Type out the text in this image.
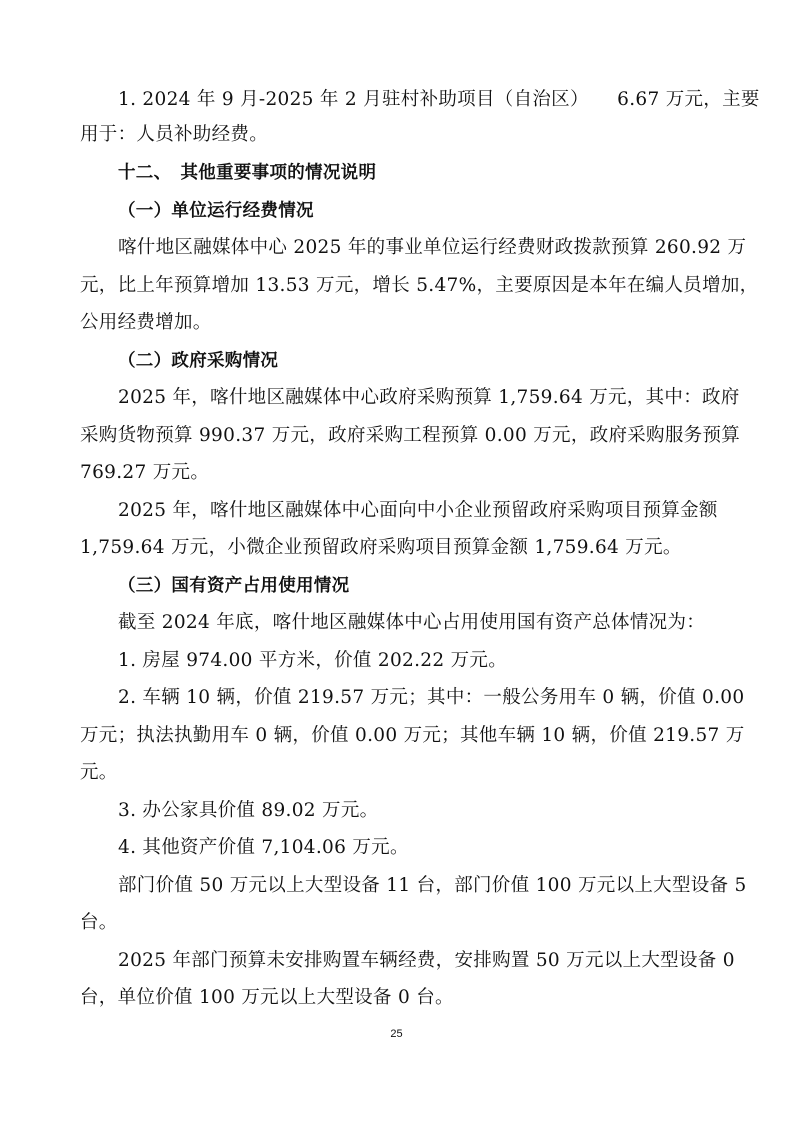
1. 2024 年 9 月-2025 年 2 月驻村补助项目（自治区）　　6.67 万元，主要
用于：人员补助经费。
十二、　其他重要事项的情况说明
（一）单位运行经费情况
喀什地区融媒体中心 2025 年的事业单位运行经费财政拨款预算 260.92 万
元，比上年预算增加 13.53 万元，增长 5.47%，主要原因是本年在编人员增加，
公用经费增加。
（二）政府采购情况
2025 年，喀什地区融媒体中心政府采购预算 1,759.64 万元，其中：政府
采购货物预算 990.37 万元，政府采购工程预算 0.00 万元，政府采购服务预算
769.27 万元。
2025 年，喀什地区融媒体中心面向中小企业预留政府采购项目预算金额
1,759.64 万元，小微企业预留政府采购项目预算金额 1,759.64 万元。
（三）国有资产占用使用情况
截至 2024 年底，喀什地区融媒体中心占用使用国有资产总体情况为：
1. 房屋 974.00 平方米，价值 202.22 万元。
2. 车辆 10 辆，价值 219.57 万元；其中：一般公务用车 0 辆，价值 0.00
万元；执法执勤用车 0 辆，价值 0.00 万元；其他车辆 10 辆，价值 219.57 万
元。
3. 办公家具价值 89.02 万元。
4. 其他资产价值 7,104.06 万元。
部门价值 50 万元以上大型设备 11 台，部门价值 100 万元以上大型设备 5
台。
2025 年部门预算未安排购置车辆经费，安排购置 50 万元以上大型设备 0
台，单位价值 100 万元以上大型设备 0 台。
25
